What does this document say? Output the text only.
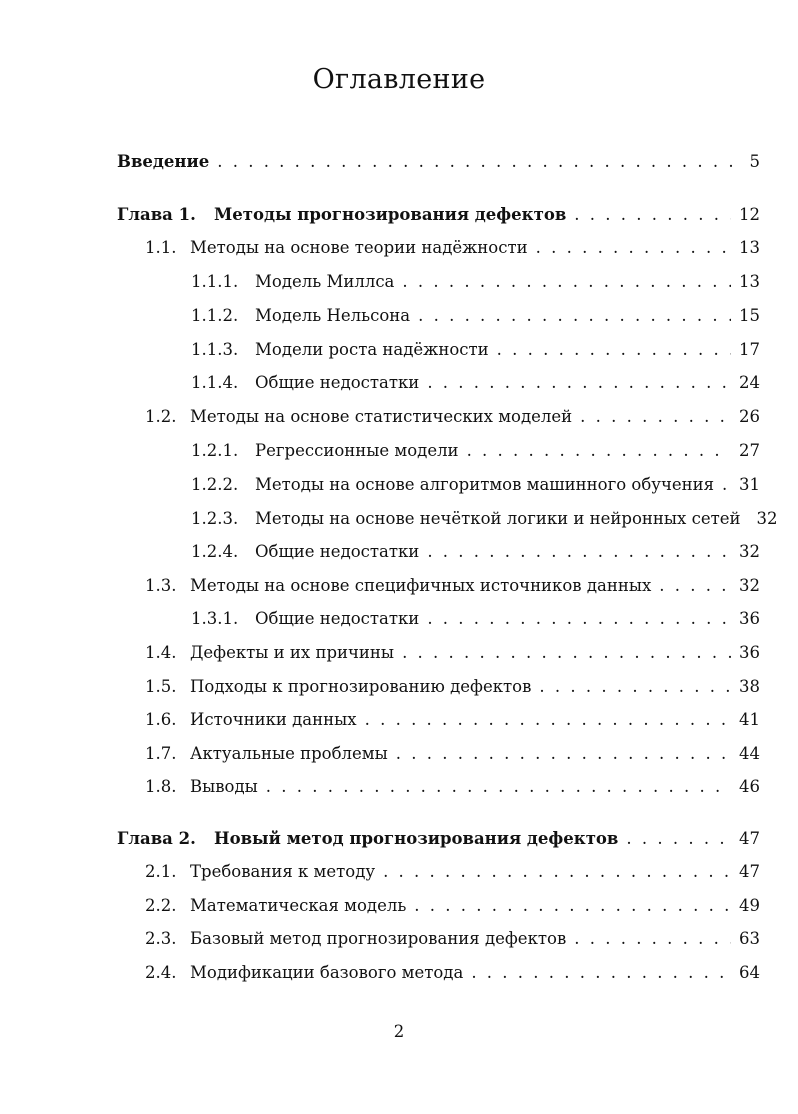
Оглавление
Введение . . .	5
Глава 1.	Методы прогнозирования дефектов . . .	12
1.1. Методы на основе теории надёжности . . .	13
1.1.1.	Модель Миллса . . .	13
1.1.2.	Модель Нельсона . . .	15
1.1.3.	Модели роста надёжности . . .	17
1.1.4.	Общие недостатки . . .	24
1.2. Методы на основе статистических моделей . . .	26
1.2.1.	Регрессионные модели . . .	27
1.2.2.	Методы на основе алгоритмов машинного обучения . . . 31
1.2.3.	Методы на основе нечёткой логики и нейронных сетей 32
1.2.4.	Общие недостатки . . .	32
1.3. Методы на основе специфичных источников данных . . .	32
1.3.1.	Общие недостатки . . .	36
1.4. Дефекты и их причины . . .	36
1.5. Подходы к прогнозированию дефектов . . .	38
1.6. Источники данных . . .	41
1.7. Актуальные проблемы . . .	44
1.8. Выводы . . .	46
Глава 2.	Новый метод прогнозирования дефектов . . .	47
2.1. Требования к методу . . .	47
2.2. Математическая модель . . .	49
2.3. Базовый метод прогнозирования дефектов . . .	63
2.4. Модификации базового метода . . .	64
2
